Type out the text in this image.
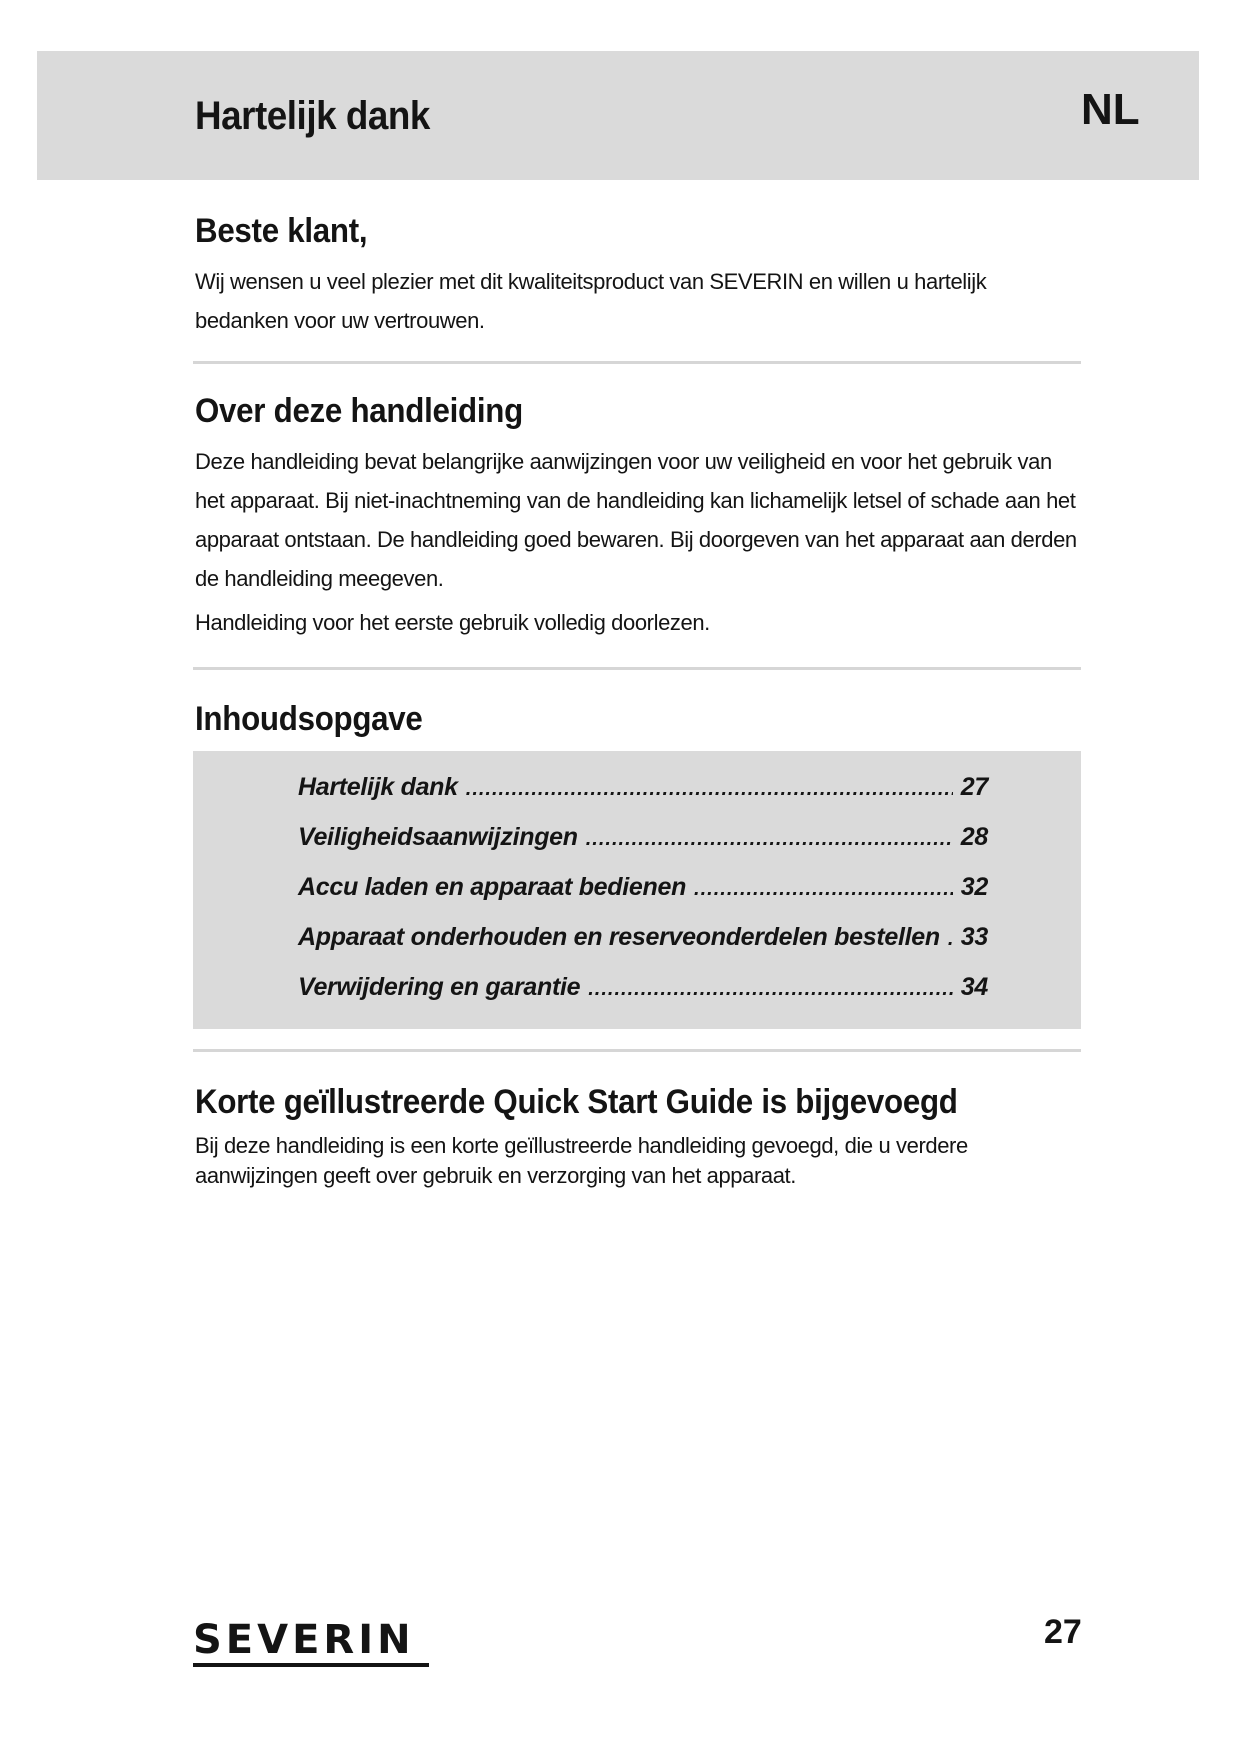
Hartelijk dank	NL
Beste klant,

Wij wensen u veel plezier met dit kwaliteitsproduct van SEVERIN en willen u hartelijk bedanken voor uw vertrouwen.

Over deze handleiding

Deze handleiding bevat belangrijke aanwijzingen voor uw veiligheid en voor het gebruik van het apparaat. Bij niet-inachtneming van de handleiding kan lichamelijk letsel of schade aan het apparaat ontstaan. De handleiding goed bewaren. Bij doorgeven van het apparaat aan derden de handleiding meegeven.

Handleiding voor het eerste gebruik volledig doorlezen.

Inhoudsopgave
Hartelijk dank .....	27
Veiligheidsaanwijzingen .....	28
Accu laden en apparaat bedienen .....	32
Apparaat onderhouden en reserveonderdelen bestellen ..... 33
Verwijdering en garantie .....	34
Korte geïllustreerde Quick Start Guide is bijgevoegd

Bij deze handleiding is een korte geïllustreerde handleiding gevoegd, die u verdere aanwijzingen geeft over gebruik en verzorging van het apparaat.

SEVERIN	27
